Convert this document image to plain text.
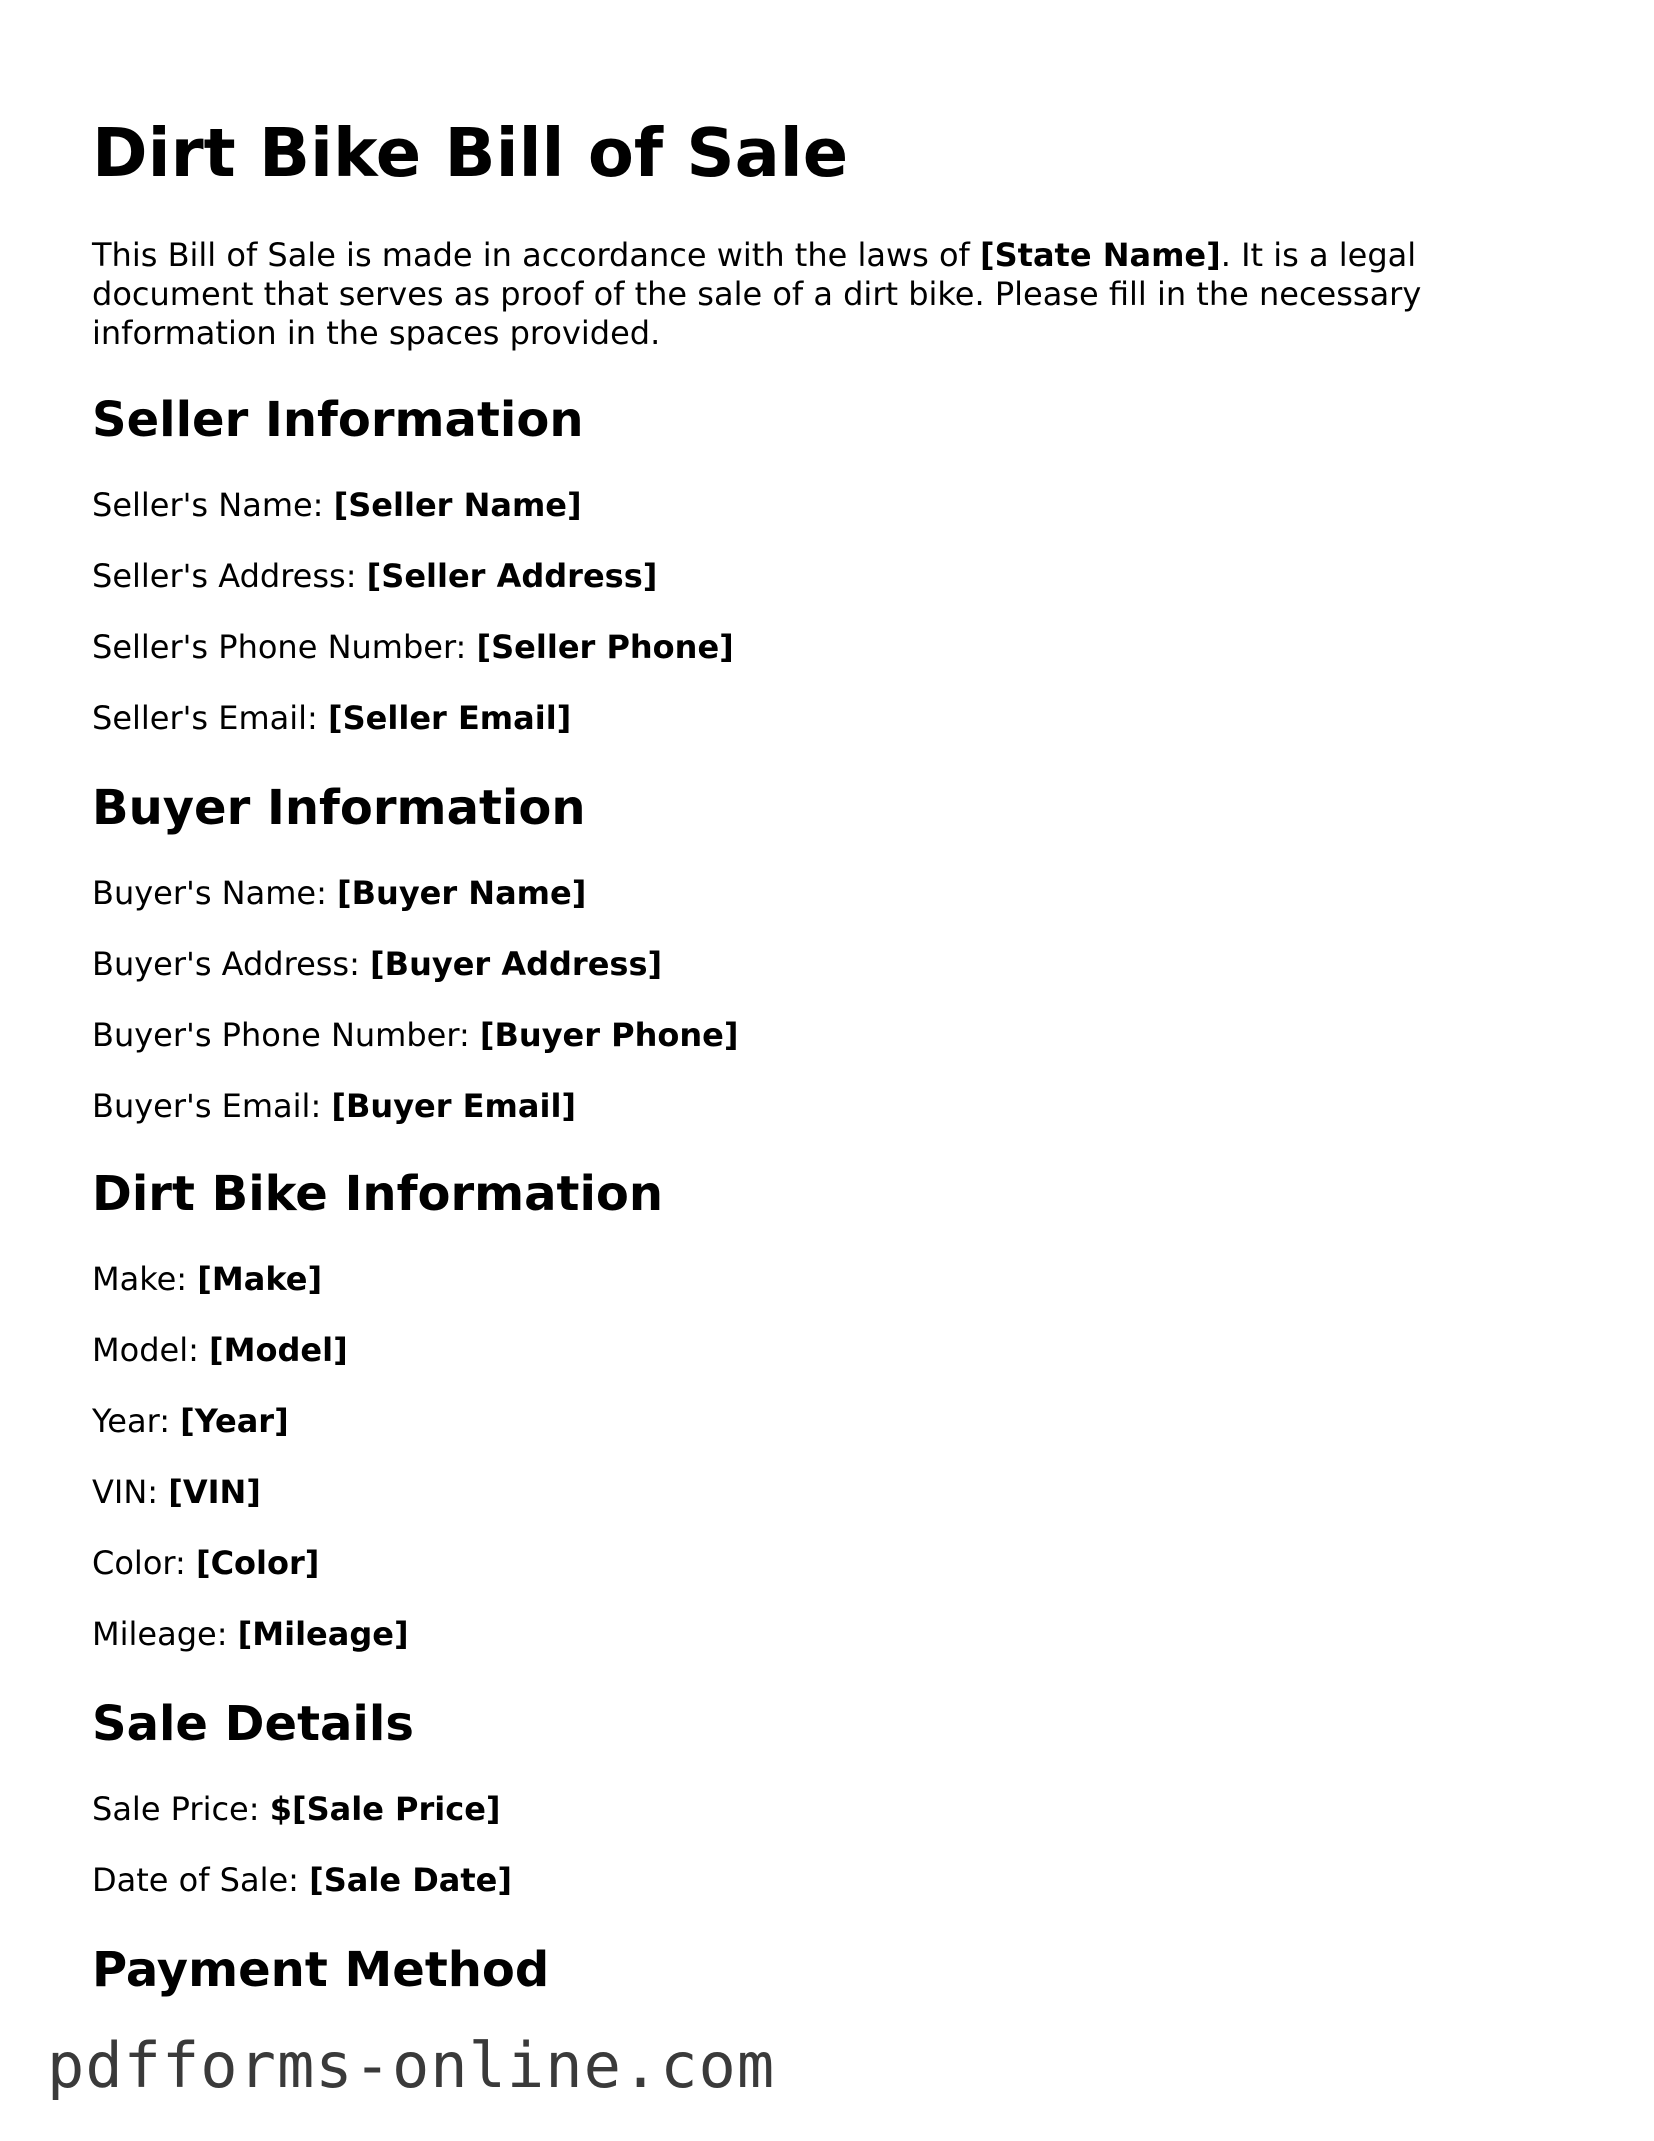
Dirt Bike Bill of Sale

This Bill of Sale is made in accordance with the laws of [State Name]. It is a legal document that serves as proof of the sale of a dirt bike. Please fill in the necessary information in the spaces provided.

Seller Information

Seller's Name: [Seller Name]

Seller's Address: [Seller Address]

Seller's Phone Number: [Seller Phone]

Seller's Email: [Seller Email]

Buyer Information

Buyer's Name: [Buyer Name]

Buyer's Address: [Buyer Address]

Buyer's Phone Number: [Buyer Phone]

Buyer's Email: [Buyer Email]

Dirt Bike Information

Make: [Make]

Model: [Model]

Year: [Year]

VIN: [VIN]

Color: [Color]

Mileage: [Mileage]

Sale Details

Sale Price: $[Sale Price]

Date of Sale: [Sale Date]

Payment Method
pdfforms-online.com
